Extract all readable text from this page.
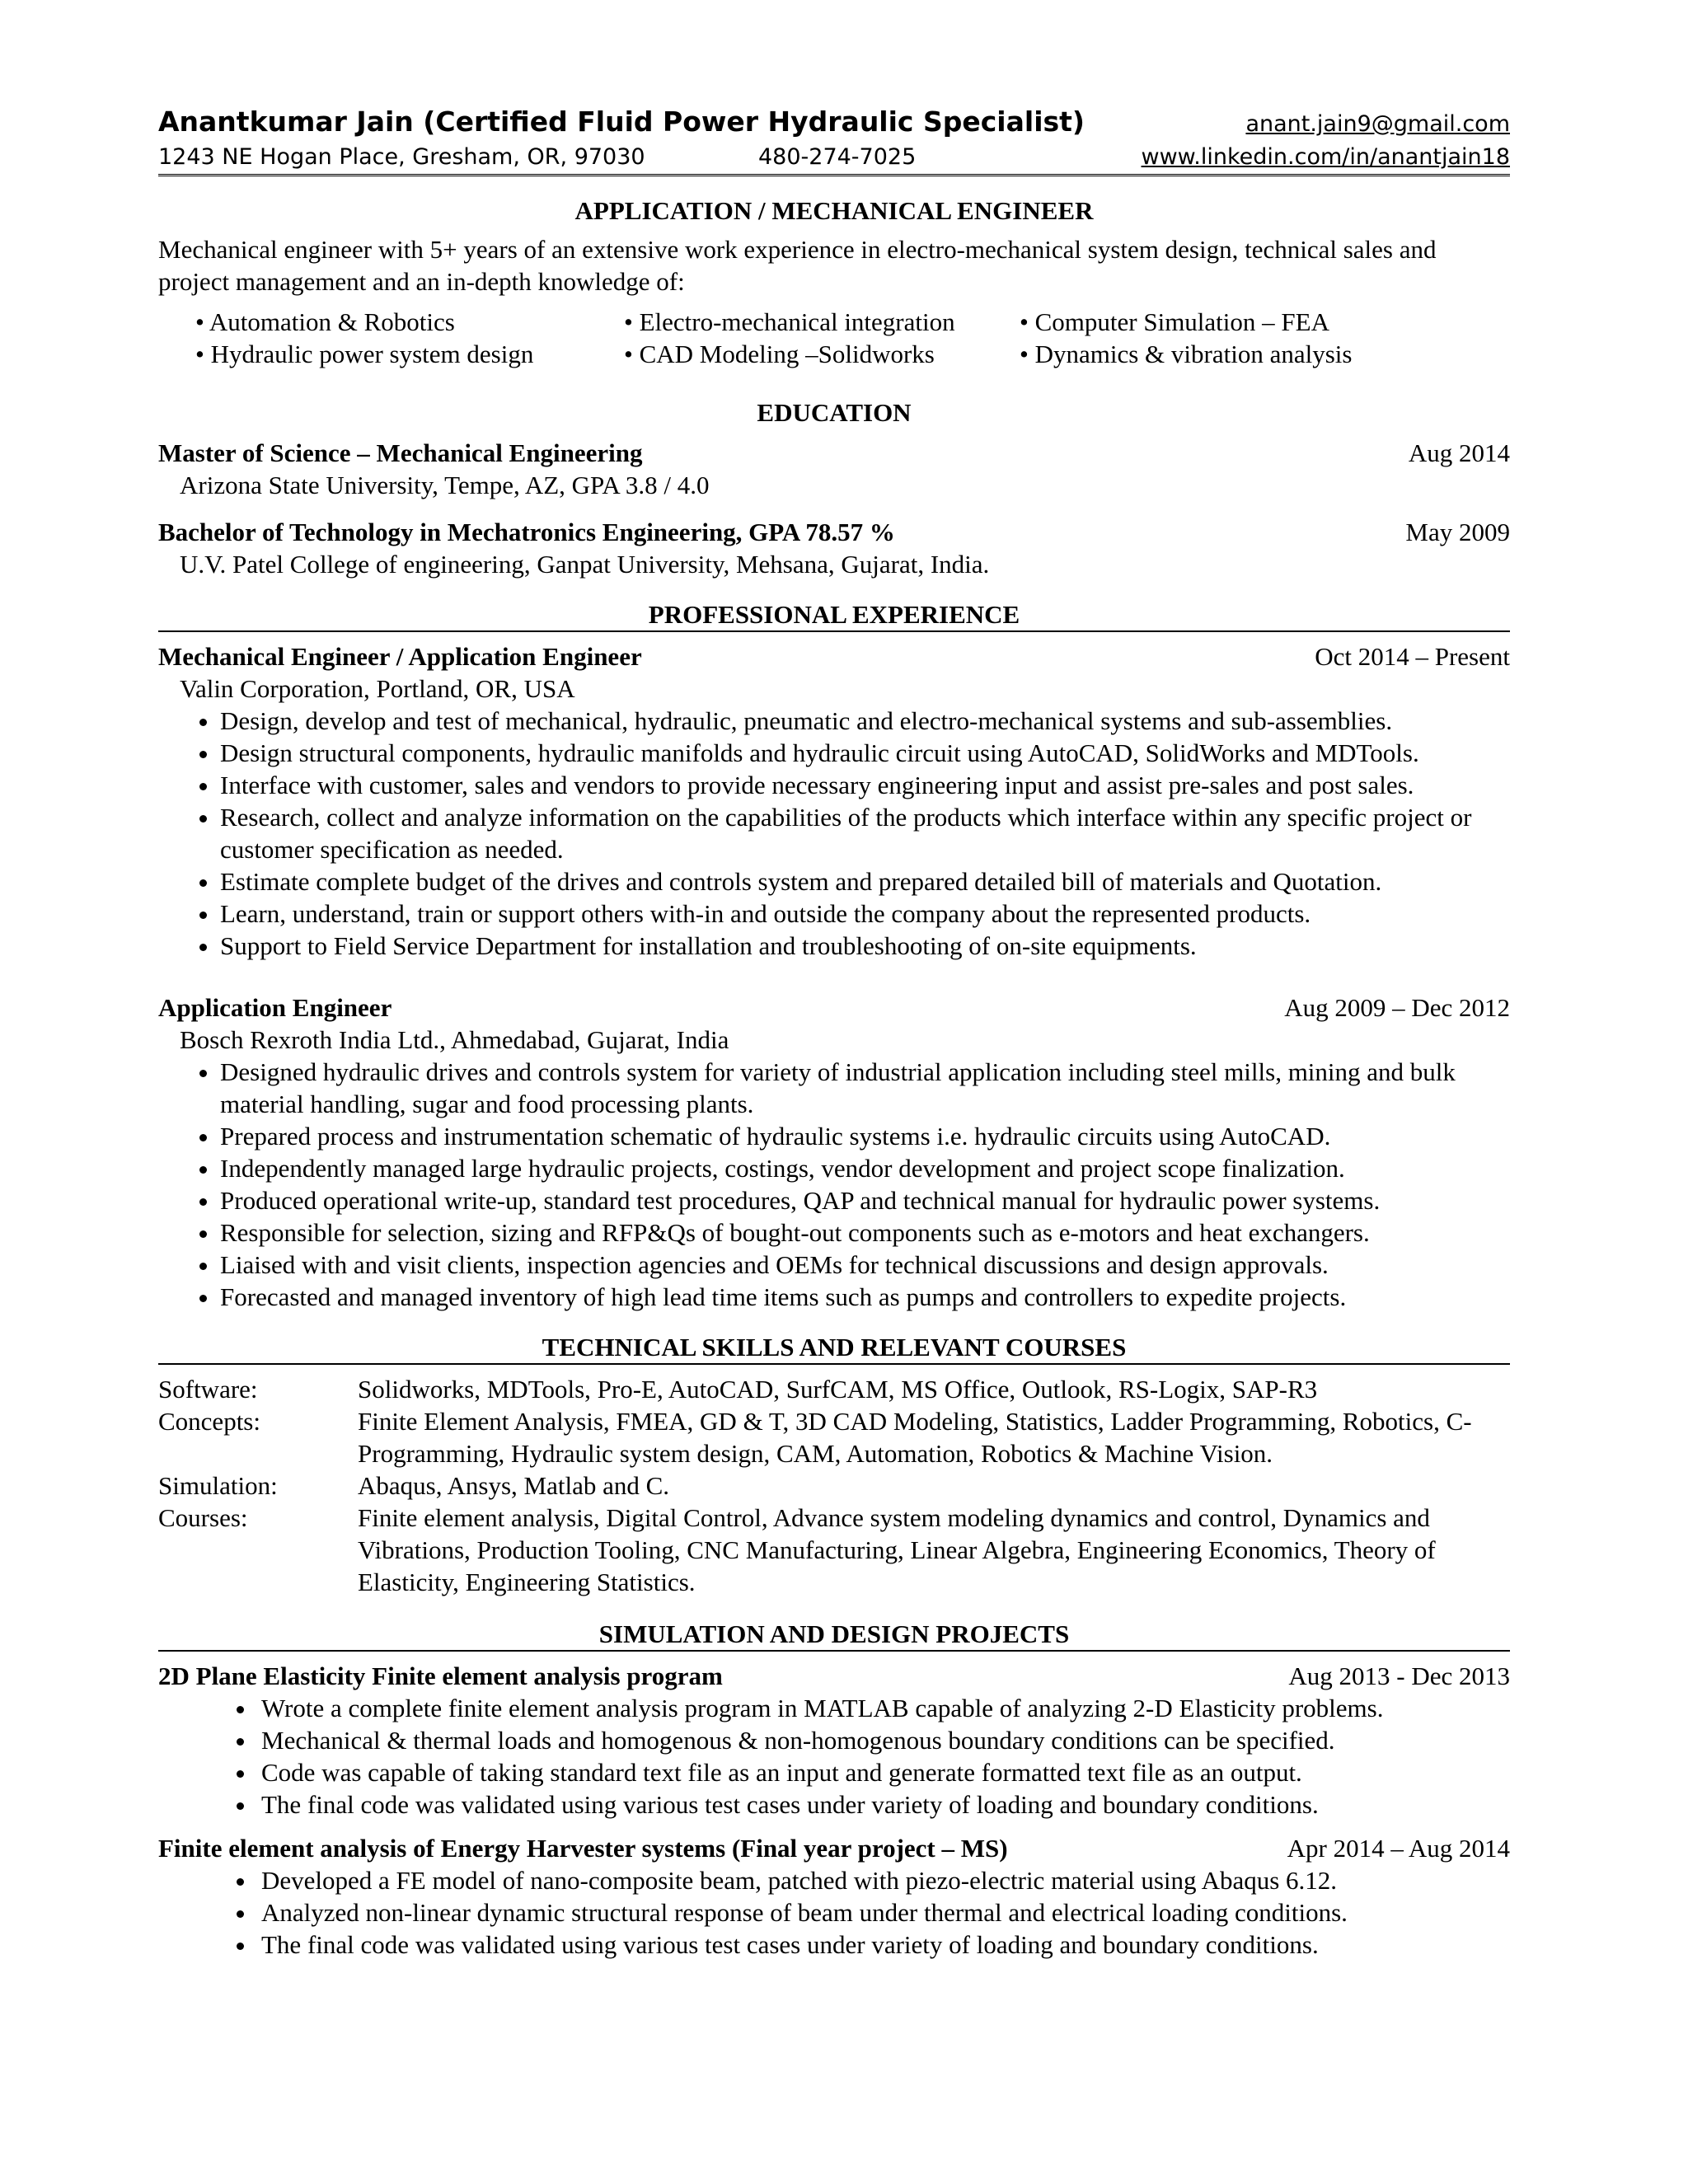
Anantkumar Jain (Certified Fluid Power Hydraulic Specialist)	anant.jain9@gmail.com
1243 NE Hogan Place, Gresham, OR, 97030	480-274-7025	www.linkedin.com/in/anantjain18
APPLICATION / MECHANICAL ENGINEER
Mechanical engineer with 5+ years of an extensive work experience in electro-mechanical system design, technical sales and project management and an in-depth knowledge of:
• Automation & Robotics	• Electro-mechanical integration	• Computer Simulation – FEA
• Hydraulic power system design	• CAD Modeling –Solidworks	• Dynamics & vibration analysis
EDUCATION
Master of Science – Mechanical Engineering	Aug 2014
Arizona State University, Tempe, AZ, GPA 3.8 / 4.0
Bachelor of Technology in Mechatronics Engineering, GPA 78.57 %	May 2009
U.V. Patel College of engineering, Ganpat University, Mehsana, Gujarat, India.
PROFESSIONAL EXPERIENCE
Mechanical Engineer / Application Engineer	Oct 2014 – Present
Valin Corporation, Portland, OR, USA
• Design, develop and test of mechanical, hydraulic, pneumatic and electro-mechanical systems and sub-assemblies.
• Design structural components, hydraulic manifolds and hydraulic circuit using AutoCAD, SolidWorks and MDTools.
• Interface with customer, sales and vendors to provide necessary engineering input and assist pre-sales and post sales.
• Research, collect and analyze information on the capabilities of the products which interface within any specific project or customer specification as needed.
• Estimate complete budget of the drives and controls system and prepared detailed bill of materials and Quotation.
• Learn, understand, train or support others with-in and outside the company about the represented products.
• Support to Field Service Department for installation and troubleshooting of on-site equipments.
Application Engineer	Aug 2009 – Dec 2012
Bosch Rexroth India Ltd., Ahmedabad, Gujarat, India
• Designed hydraulic drives and controls system for variety of industrial application including steel mills, mining and bulk material handling, sugar and food processing plants.
• Prepared process and instrumentation schematic of hydraulic systems i.e. hydraulic circuits using AutoCAD.
• Independently managed large hydraulic projects, costings, vendor development and project scope finalization.
• Produced operational write-up, standard test procedures, QAP and technical manual for hydraulic power systems.
• Responsible for selection, sizing and RFP&Qs of bought-out components such as e-motors and heat exchangers.
• Liaised with and visit clients, inspection agencies and OEMs for technical discussions and design approvals.
• Forecasted and managed inventory of high lead time items such as pumps and controllers to expedite projects.
TECHNICAL SKILLS AND RELEVANT COURSES
Software:	Solidworks, MDTools, Pro-E, AutoCAD, SurfCAM, MS Office, Outlook, RS-Logix, SAP-R3
Concepts:	Finite Element Analysis, FMEA, GD & T, 3D CAD Modeling, Statistics, Ladder Programming, Robotics, C-Programming, Hydraulic system design, CAM, Automation, Robotics & Machine Vision.
Simulation:	Abaqus, Ansys, Matlab and C.
Courses:	Finite element analysis, Digital Control, Advance system modeling dynamics and control, Dynamics and Vibrations, Production Tooling, CNC Manufacturing, Linear Algebra, Engineering Economics, Theory of Elasticity, Engineering Statistics.
SIMULATION AND DESIGN PROJECTS
2D Plane Elasticity Finite element analysis program	Aug 2013 - Dec 2013
• Wrote a complete finite element analysis program in MATLAB capable of analyzing 2-D Elasticity problems.
• Mechanical & thermal loads and homogenous & non-homogenous boundary conditions can be specified.
• Code was capable of taking standard text file as an input and generate formatted text file as an output.
• The final code was validated using various test cases under variety of loading and boundary conditions.
Finite element analysis of Energy Harvester systems (Final year project – MS)	Apr 2014 – Aug 2014
• Developed a FE model of nano-composite beam, patched with piezo-electric material using Abaqus 6.12.
• Analyzed non-linear dynamic structural response of beam under thermal and electrical loading conditions.
• The final code was validated using various test cases under variety of loading and boundary conditions.
